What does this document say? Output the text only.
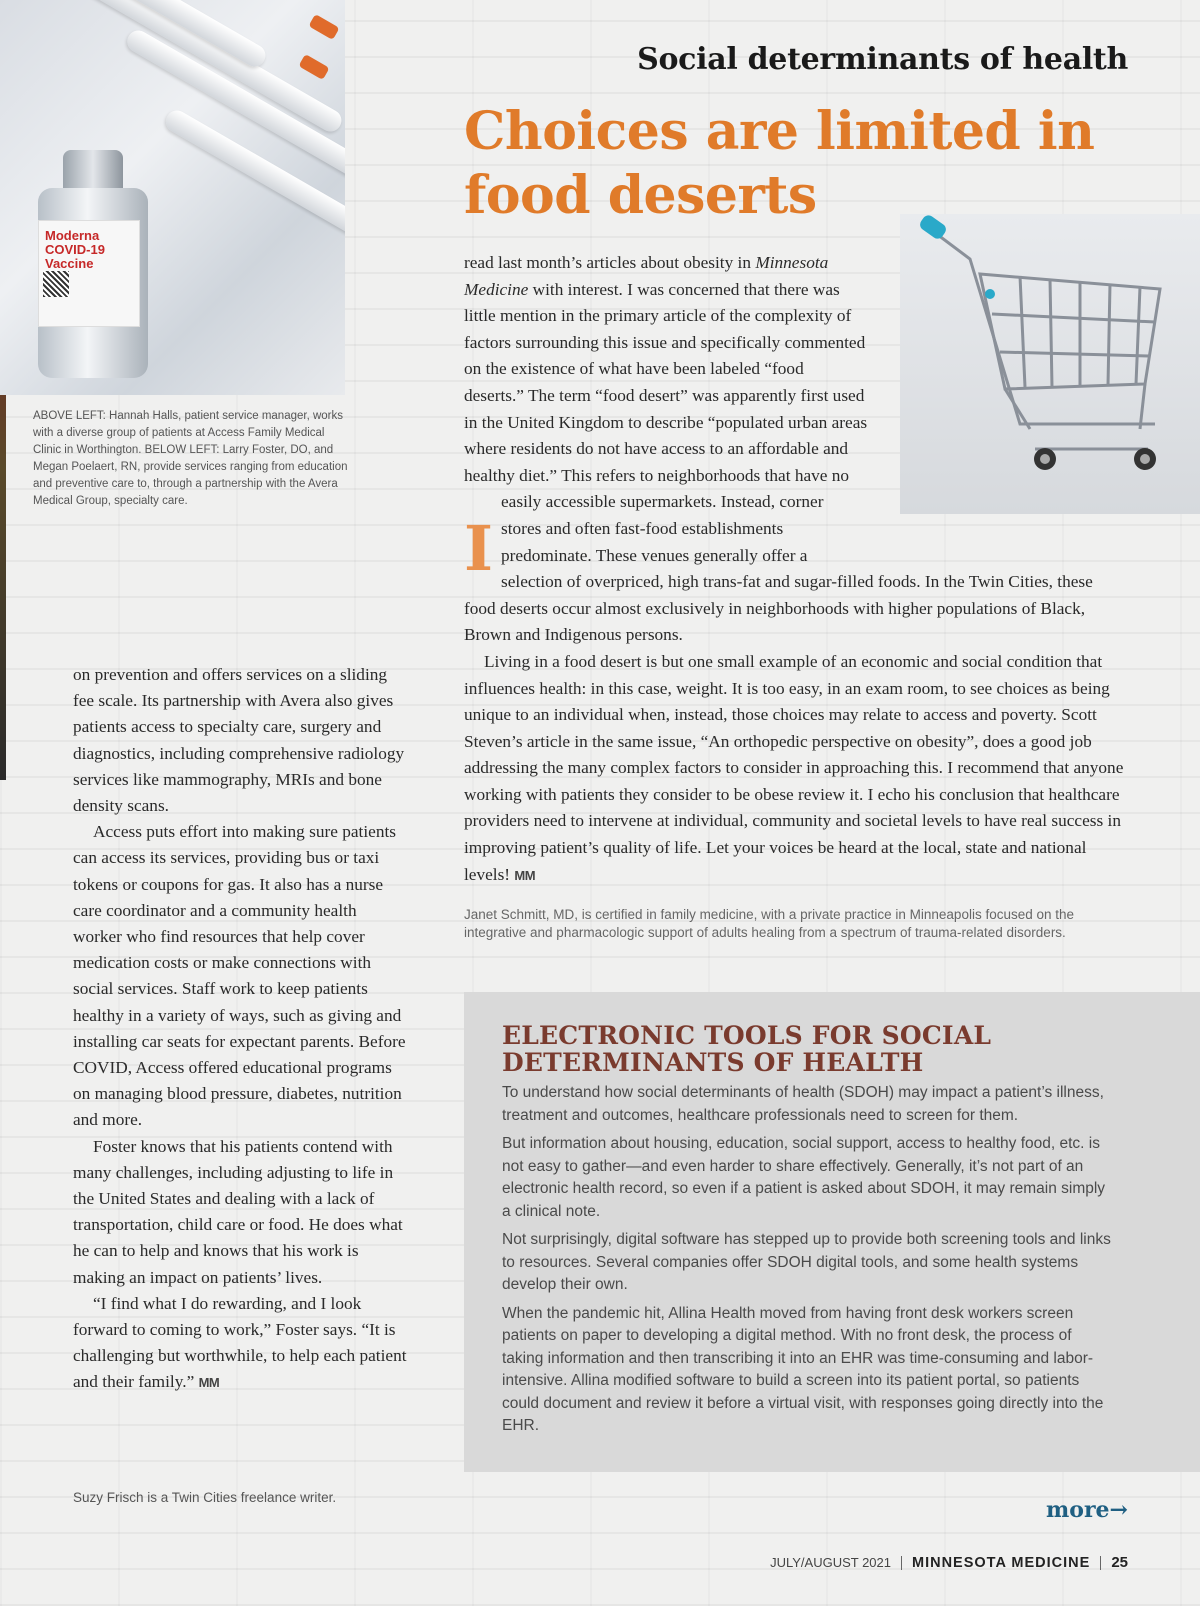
Moderna
COVID-19
Vaccine
ABOVE LEFT: Hannah Halls, patient service manager, works with a diverse group of patients at Access Family Medical Clinic in Worthington. BELOW LEFT: Larry Foster, DO, and Megan Poelaert, RN, provide services ranging from education and preventive care to, through a partnership with the Avera Medical Group, specialty care.

on prevention and offers services on a sliding fee scale. Its partnership with Avera also gives patients access to specialty care, surgery and diagnostics, including comprehensive radiology services like mammography, MRIs and bone density scans.

Access puts effort into making sure patients can access its services, providing bus or taxi tokens or coupons for gas. It also has a nurse care coordinator and a community health worker who find resources that help cover medication costs or make connections with social services. Staff work to keep patients healthy in a variety of ways, such as giving and installing car seats for expectant parents. Before COVID, Access offered educational programs on managing blood pressure, diabetes, nutrition and more.

Foster knows that his patients contend with many challenges, including adjusting to life in the United States and dealing with a lack of transportation, child care or food. He does what he can to help and knows that his work is making an impact on patients’ lives.

“I find what I do rewarding, and I look forward to coming to work,” Foster says. “It is challenging but worthwhile, to help each patient and their family.” MM

Suzy Frisch is a Twin Cities freelance writer.
Social determinants of health
Choices are limited in food deserts

I
read last month’s articles about obesity in Minnesota Medicine with interest. I was concerned that there was little mention in the primary article of the complexity of factors surrounding this issue and specifically commented on the existence of what have been labeled “food deserts.” The term “food desert” was apparently first used in the United Kingdom to describe “populated urban areas where residents do not have access to an affordable and healthy diet.” This refers to neighborhoods that have no easily accessible supermarkets. Instead, corner stores and often fast-food establishments predominate. These venues generally offer a selection of overpriced, high trans-fat and sugar-filled foods. In the Twin Cities, these food deserts occur almost exclusively in neighborhoods with higher populations of Black, Brown and Indigenous persons.

Living in a food desert is but one small example of an economic and social condition that influences health: in this case, weight. It is too easy, in an exam room, to see choices as being unique to an individual when, instead, those choices may relate to access and poverty. Scott Steven’s article in the same issue, “An orthopedic perspective on obesity”, does a good job addressing the many complex factors to consider in approaching this. I recommend that anyone working with patients they consider to be obese review it. I echo his conclusion that healthcare providers need to intervene at individual, community and societal levels to have real success in improving patient’s quality of life. Let your voices be heard at the local, state and national levels! MM

Janet Schmitt, MD, is certified in family medicine, with a private practice in Minneapolis focused on the integrative and pharmacologic support of adults healing from a spectrum of trauma-related disorders.
ELECTRONIC TOOLS FOR SOCIAL DETERMINANTS OF HEALTH

To understand how social determinants of health (SDOH) may impact a patient’s illness, treatment and outcomes, healthcare professionals need to screen for them.

But information about housing, education, social support, access to healthy food, etc. is not easy to gather—and even harder to share effectively. Generally, it’s not part of an electronic health record, so even if a patient is asked about SDOH, it may remain simply a clinical note.

Not surprisingly, digital software has stepped up to provide both screening tools and links to resources. Several companies offer SDOH digital tools, and some health systems develop their own.

When the pandemic hit, Allina Health moved from having front desk workers screen patients on paper to developing a digital method. With no front desk, the process of taking information and then transcribing it into an EHR was time-consuming and labor-intensive. Allina modified software to build a screen into its patient portal, so patients could document and review it before a virtual visit, with responses going directly into the EHR.

more→
JULY/AUGUST 2021 MINNESOTA MEDICINE 25
